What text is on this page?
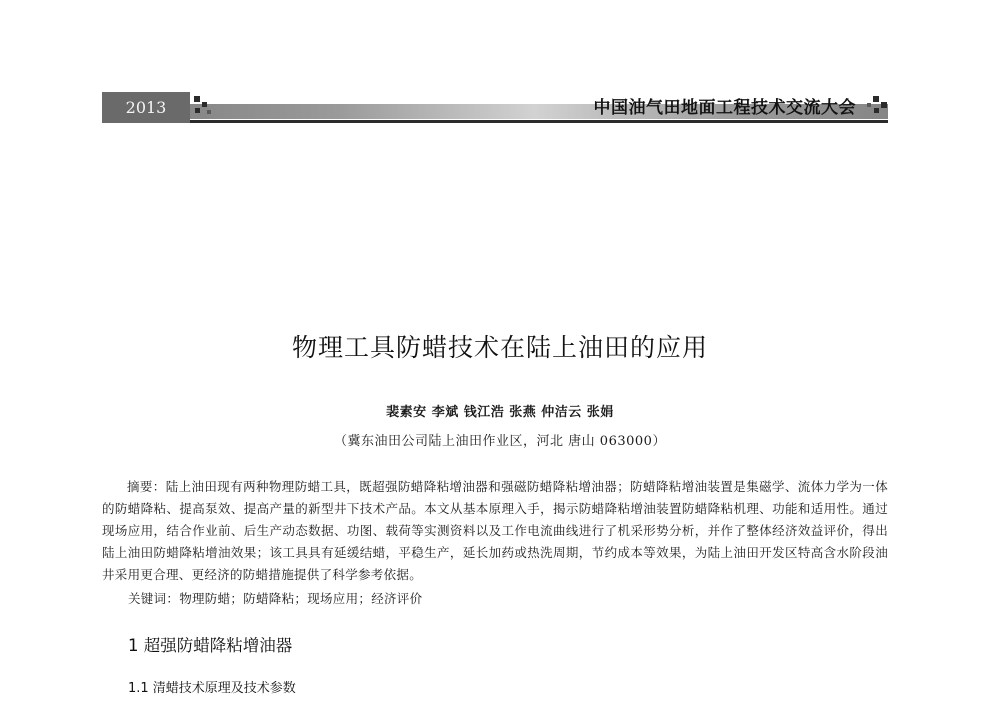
2013	中国油气田地面工程技术交流大会
物理工具防蜡技术在陆上油田的应用
裴素安 李斌 钱江浩 张燕 仲洁云 张娟
（冀东油田公司陆上油田作业区，河北 唐山 063000）
摘要：陆上油田现有两种物理防蜡工具，既超强防蜡降粘增油器和强磁防蜡降粘增油器；防蜡降粘增油装置是集磁学、流体力学为一体的防蜡降粘、提高泵效、提高产量的新型井下技术产品。本文从基本原理入手，揭示防蜡降粘增油装置防蜡降粘机理、功能和适用性。通过现场应用，结合作业前、后生产动态数据、功图、载荷等实测资料以及工作电流曲线进行了机采形势分析，并作了整体经济效益评价，得出陆上油田防蜡降粘增油效果；该工具具有延缓结蜡，平稳生产，延长加药或热洗周期，节约成本等效果，为陆上油田开发区特高含水阶段油井采用更合理、更经济的防蜡措施提供了科学参考依据。
关键词：物理防蜡；防蜡降粘；现场应用；经济评价
1 超强防蜡降粘增油器
1.1 清蜡技术原理及技术参数
